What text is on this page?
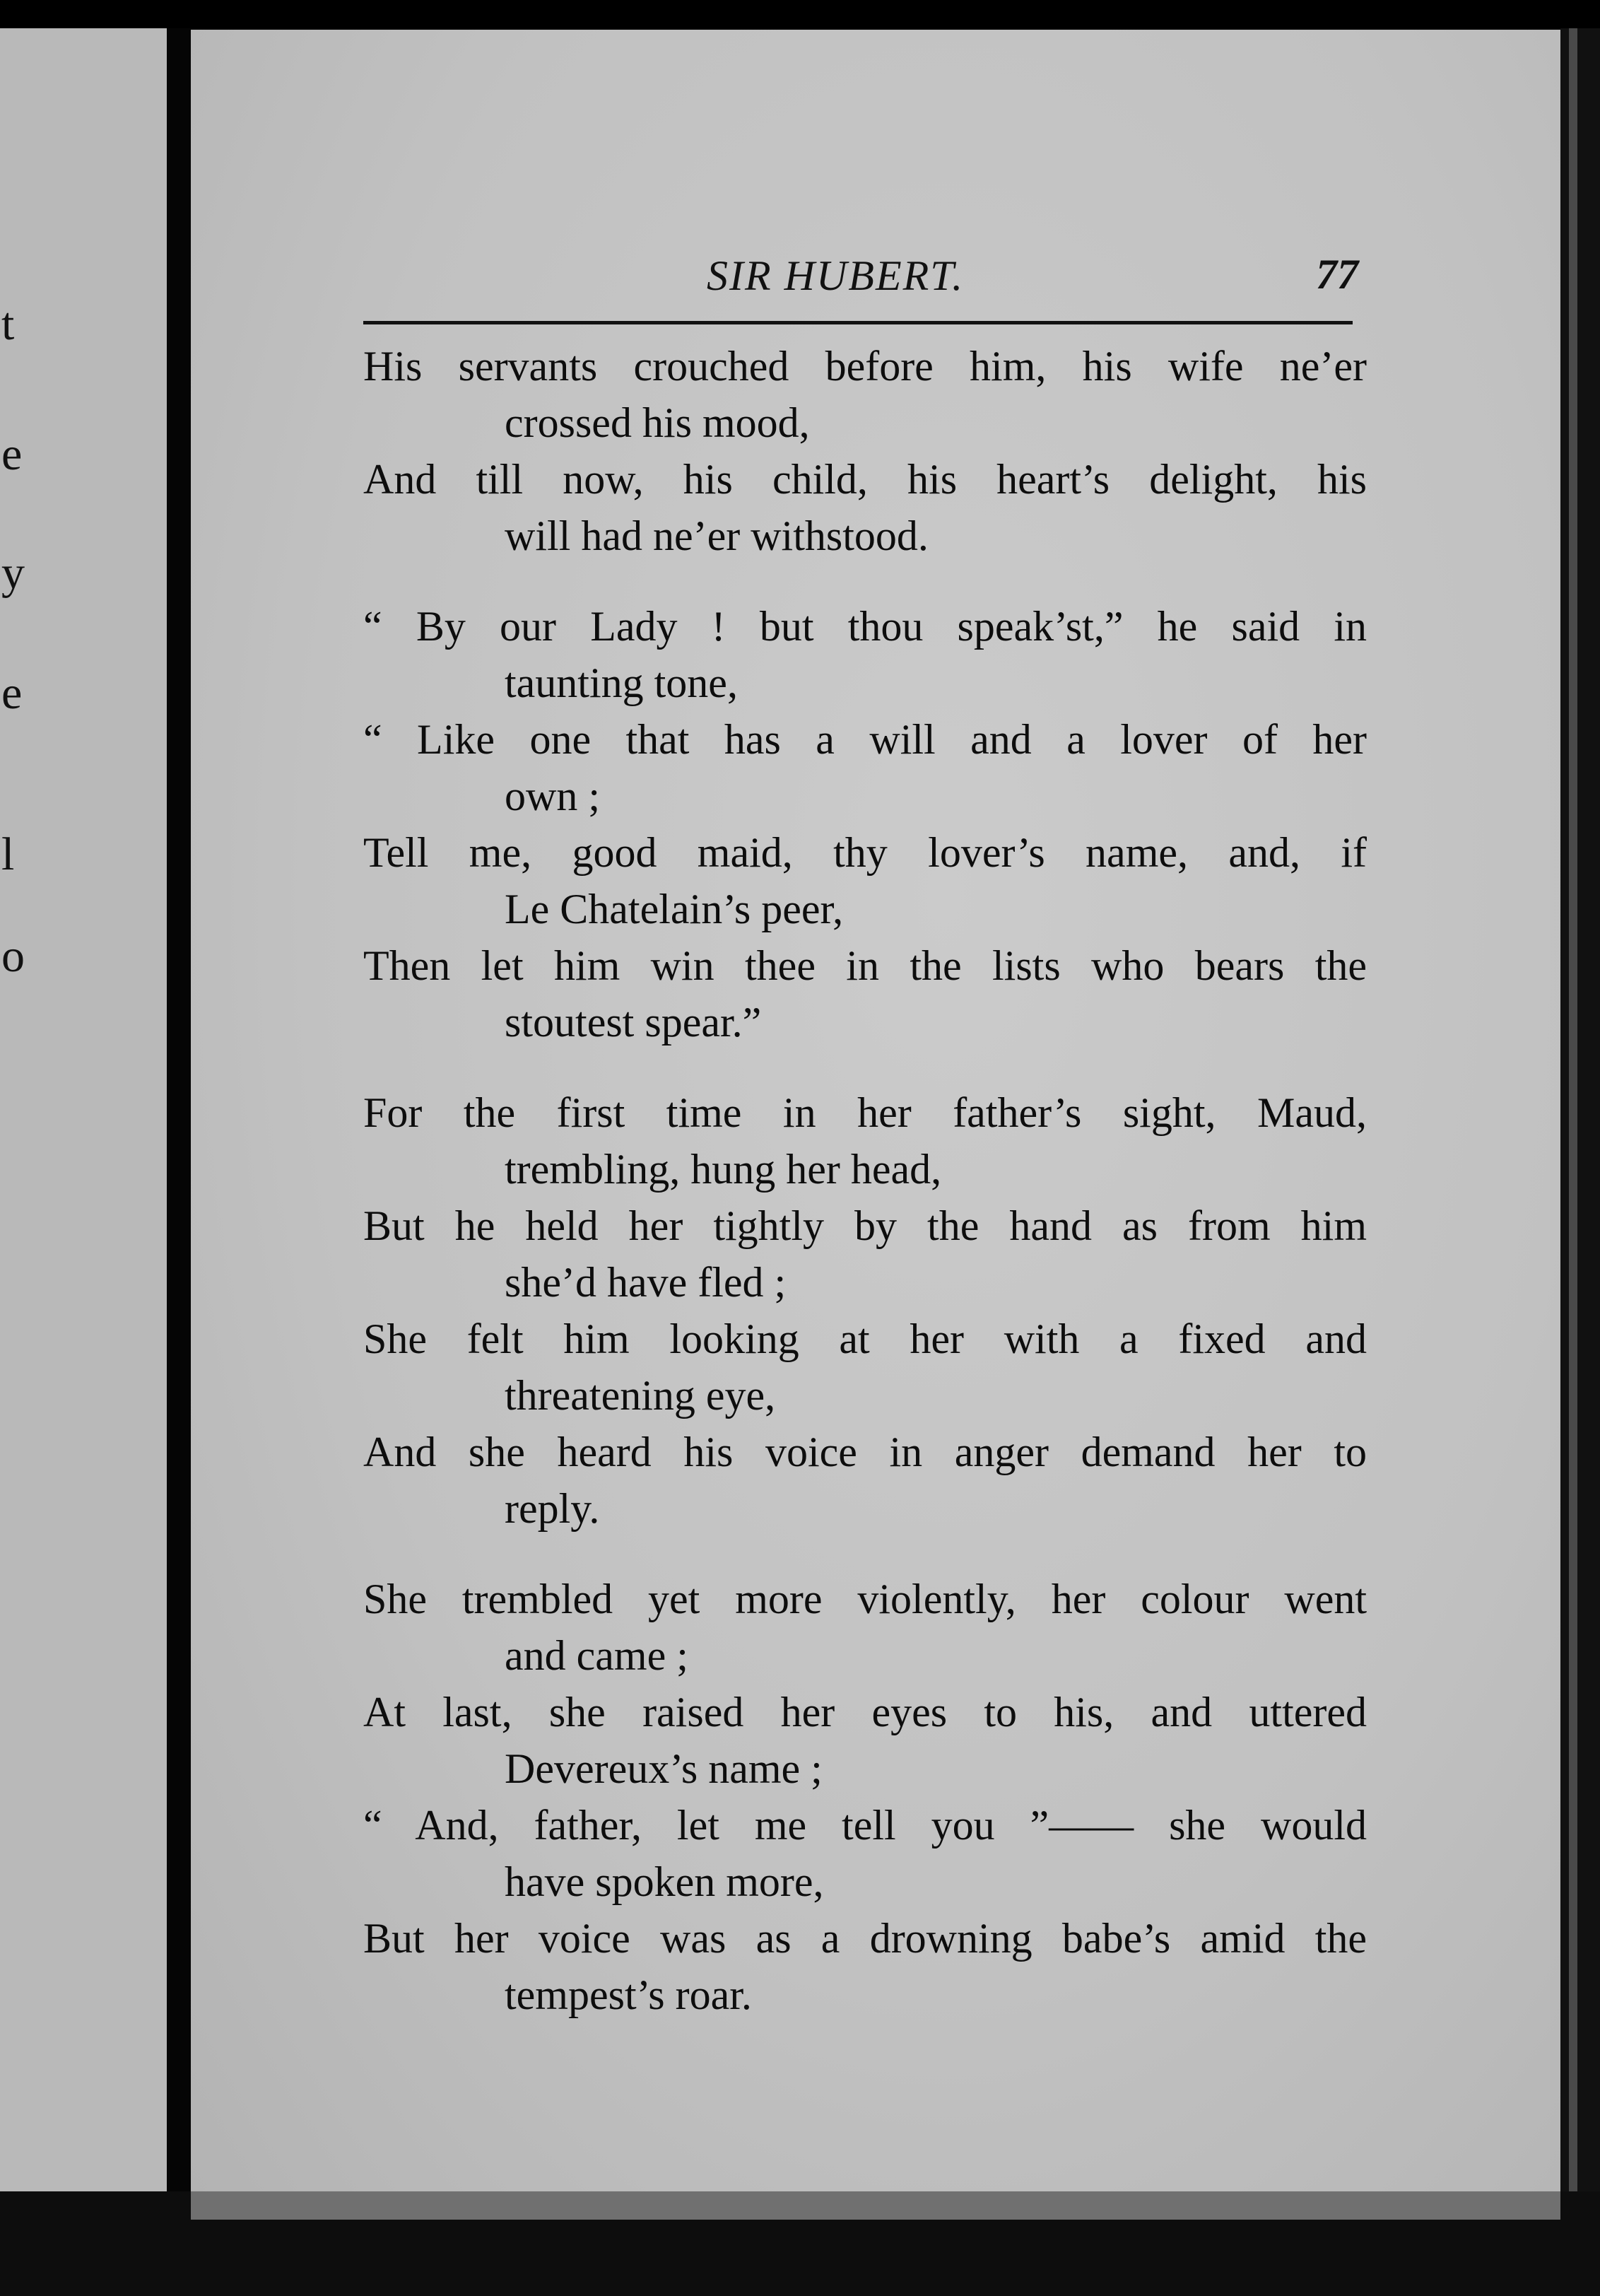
t
e
y
e
l
o
SIR HUBERT.	77
His servants crouched before him, his wife ne’er
crossed his mood,
And till now, his child, his heart’s delight, his
will had ne’er withstood.
“ By our Lady ! but thou speak’st,” he said in
taunting tone,
“ Like one that has a will and a lover of her
own ;
Tell me, good maid, thy lover’s name, and, if
Le Chatelain’s peer,
Then let him win thee in the lists who bears the
stoutest spear.”
For the first time in her father’s sight, Maud,
trembling, hung her head,
But he held her tightly by the hand as from him
she’d have fled ;
She felt him looking at her with a fixed and
threatening eye,
And she heard his voice in anger demand her to
reply.
She trembled yet more violently, her colour went
and came ;
At last, she raised her eyes to his, and uttered
Devereux’s name ;
“ And, father, let me tell you ”—— she would
have spoken more,
But her voice was as a drowning babe’s amid the
tempest’s roar.
